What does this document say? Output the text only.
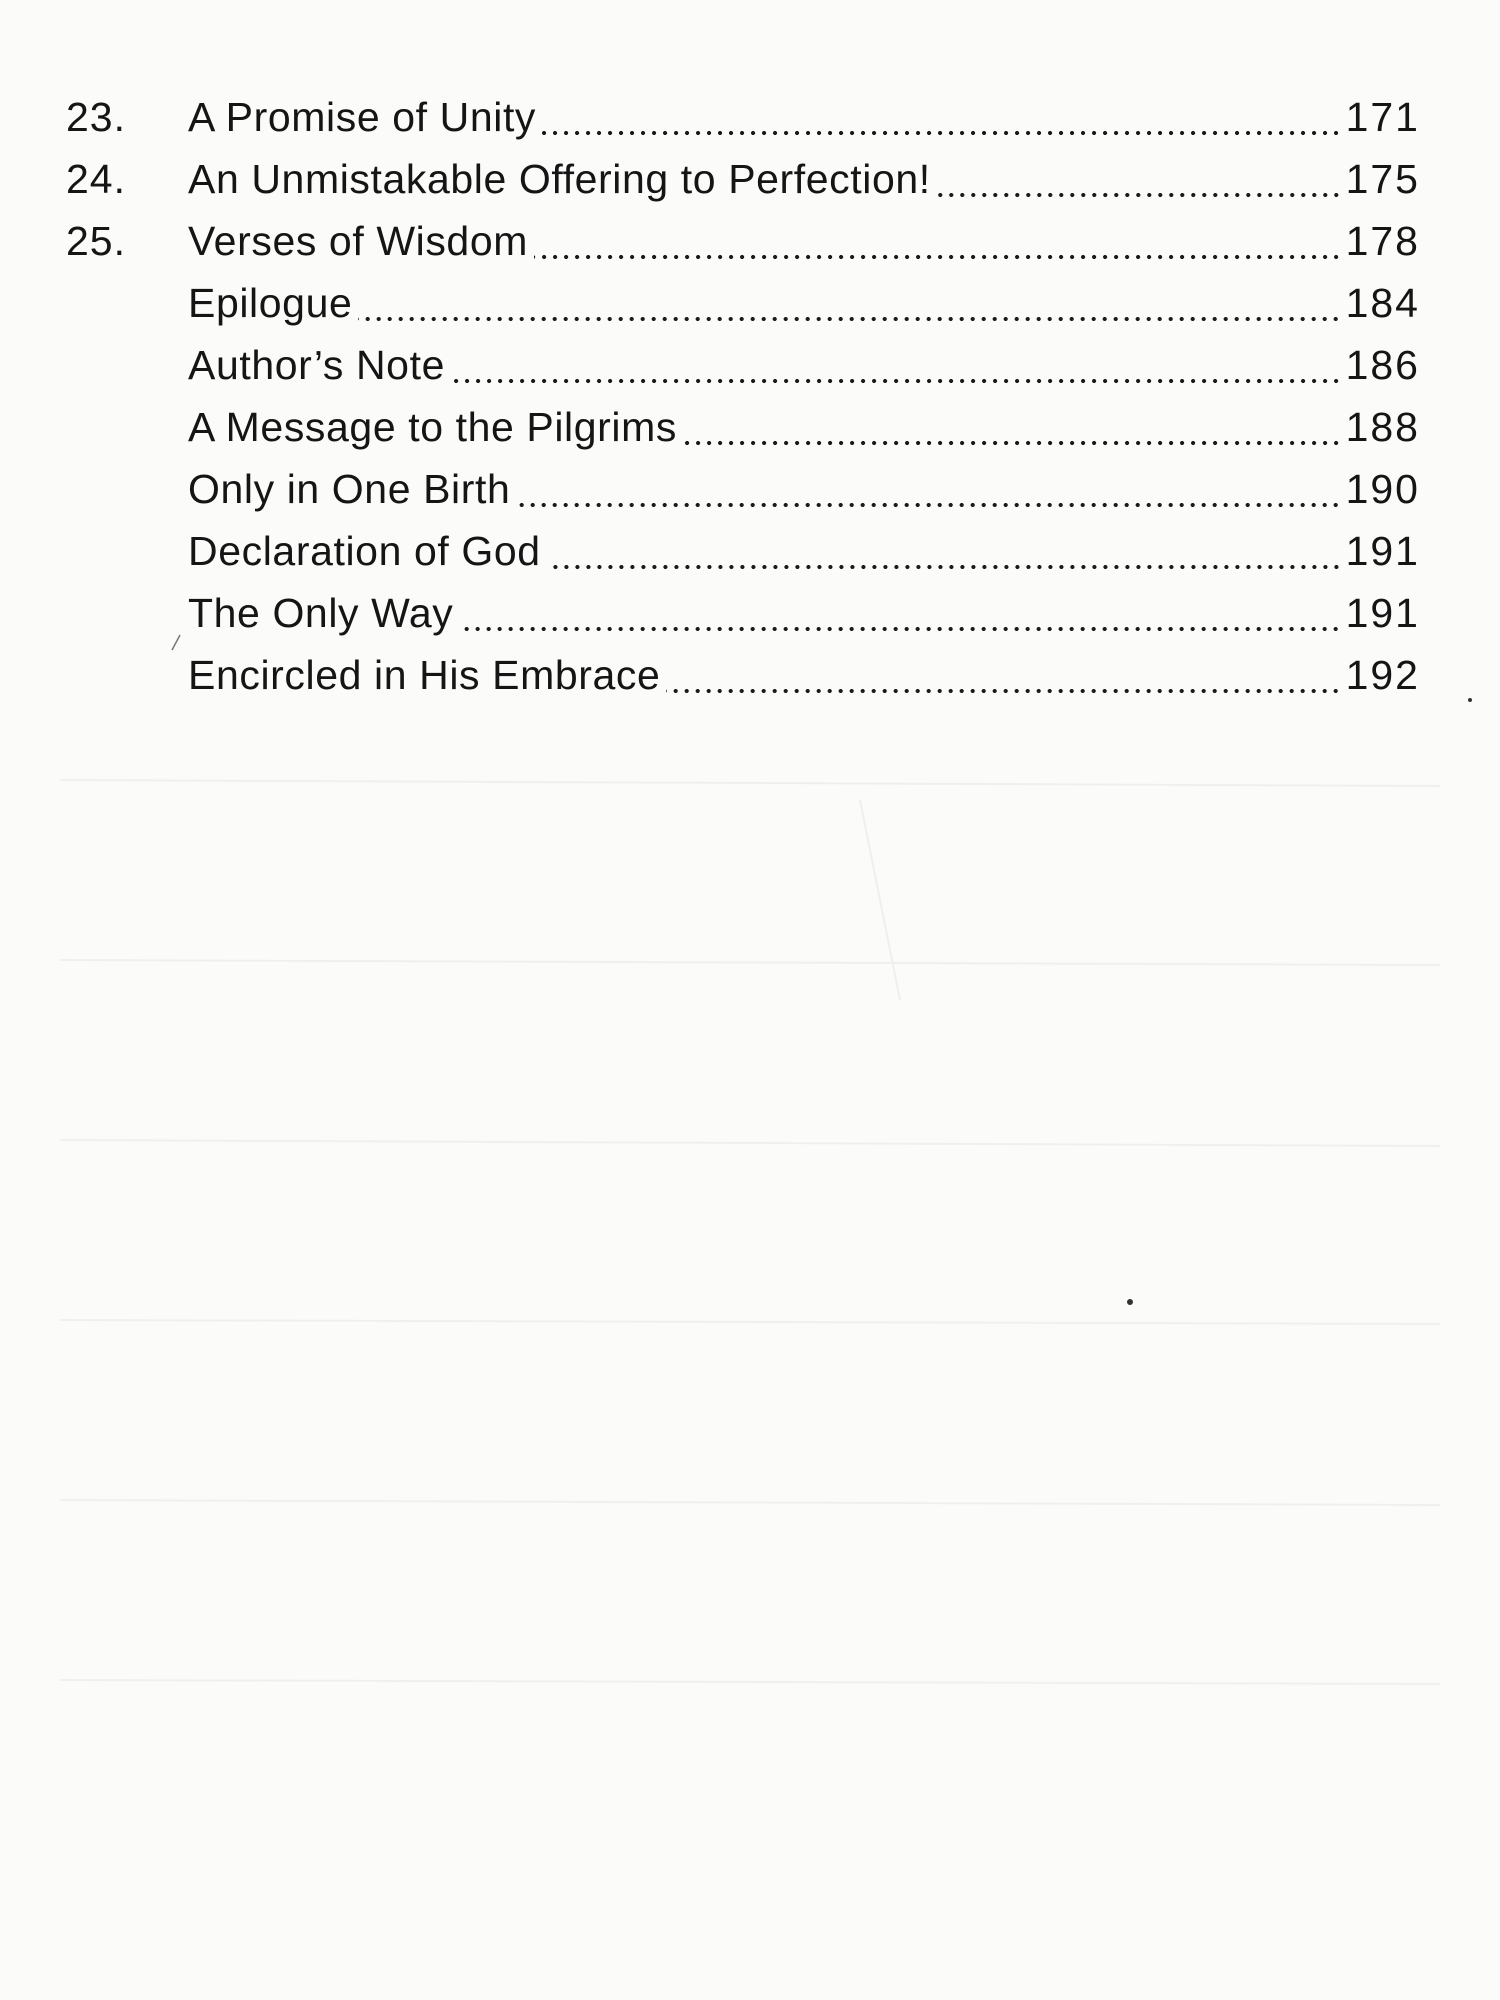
23.	A Promise of Unity	171
24.	An Unmistakable Offering to Perfection!	175
25.	Verses of Wisdom	178
Epilogue	184
Author’s Note	186
A Message to the Pilgrims	188
Only in One Birth	190
Declaration of God	191
The Only Way	191
Encircled in His Embrace	192
